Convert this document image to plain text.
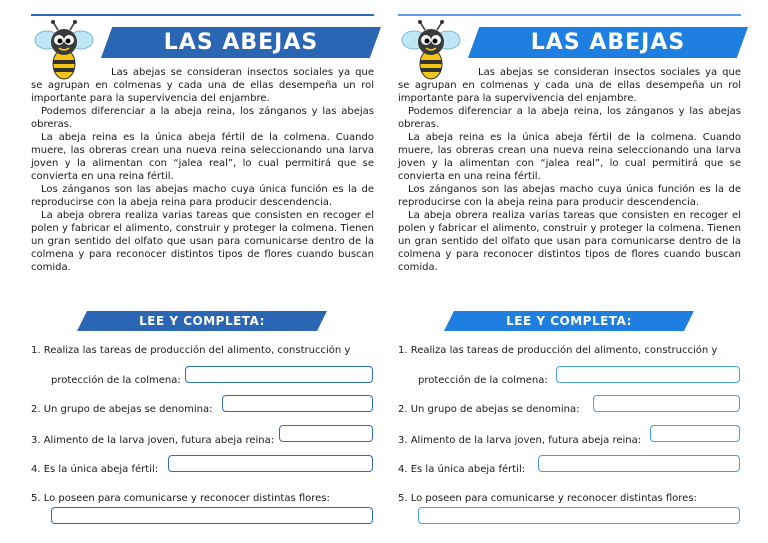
LAS ABEJAS

Las abejas se consideran insectos sociales ya que se agrupan en colmenas y cada una de ellas desempeña un rol importante para la supervivencia del enjambre.

Podemos diferenciar a la abeja reina, los zánganos y las abejas obreras.

La abeja reina es la única abeja fértil de la colmena. Cuando muere, las obreras crean una nueva reina seleccionando una larva joven y la alimentan con “jalea real”, lo cual permitirá que se convierta en una reina fértil.

Los zánganos son las abejas macho cuya única función es la de reproducirse con la abeja reina para producir descendencia.

La abeja obrera realiza varias tareas que consisten en recoger el polen y fabricar el alimento, construir y proteger la colmena. Tienen un gran sentido del olfato que usan para comunicarse dentro de la colmena y para reconocer distintos tipos de flores cuando buscan comida.

LEE Y COMPLETA:
1. Realiza las tareas de producción del alimento, construcción y
protección de la colmena:
2. Un grupo de abejas se denomina:
3. Alimento de la larva joven, futura abeja reina:
4. Es la única abeja fértil:
5. Lo poseen para comunicarse y reconocer distintas flores:
LAS ABEJAS

Las abejas se consideran insectos sociales ya que se agrupan en colmenas y cada una de ellas desempeña un rol importante para la supervivencia del enjambre.

Podemos diferenciar a la abeja reina, los zánganos y las abejas obreras.

La abeja reina es la única abeja fértil de la colmena. Cuando muere, las obreras crean una nueva reina seleccionando una larva joven y la alimentan con “jalea real”, lo cual permitirá que se convierta en una reina fértil.

Los zánganos son las abejas macho cuya única función es la de reproducirse con la abeja reina para producir descendencia.

La abeja obrera realiza varias tareas que consisten en recoger el polen y fabricar el alimento, construir y proteger la colmena. Tienen un gran sentido del olfato que usan para comunicarse dentro de la colmena y para reconocer distintos tipos de flores cuando buscan comida.

LEE Y COMPLETA:
1. Realiza las tareas de producción del alimento, construcción y
protección de la colmena:
2. Un grupo de abejas se denomina:
3. Alimento de la larva joven, futura abeja reina:
4. Es la única abeja fértil:
5. Lo poseen para comunicarse y reconocer distintas flores:
